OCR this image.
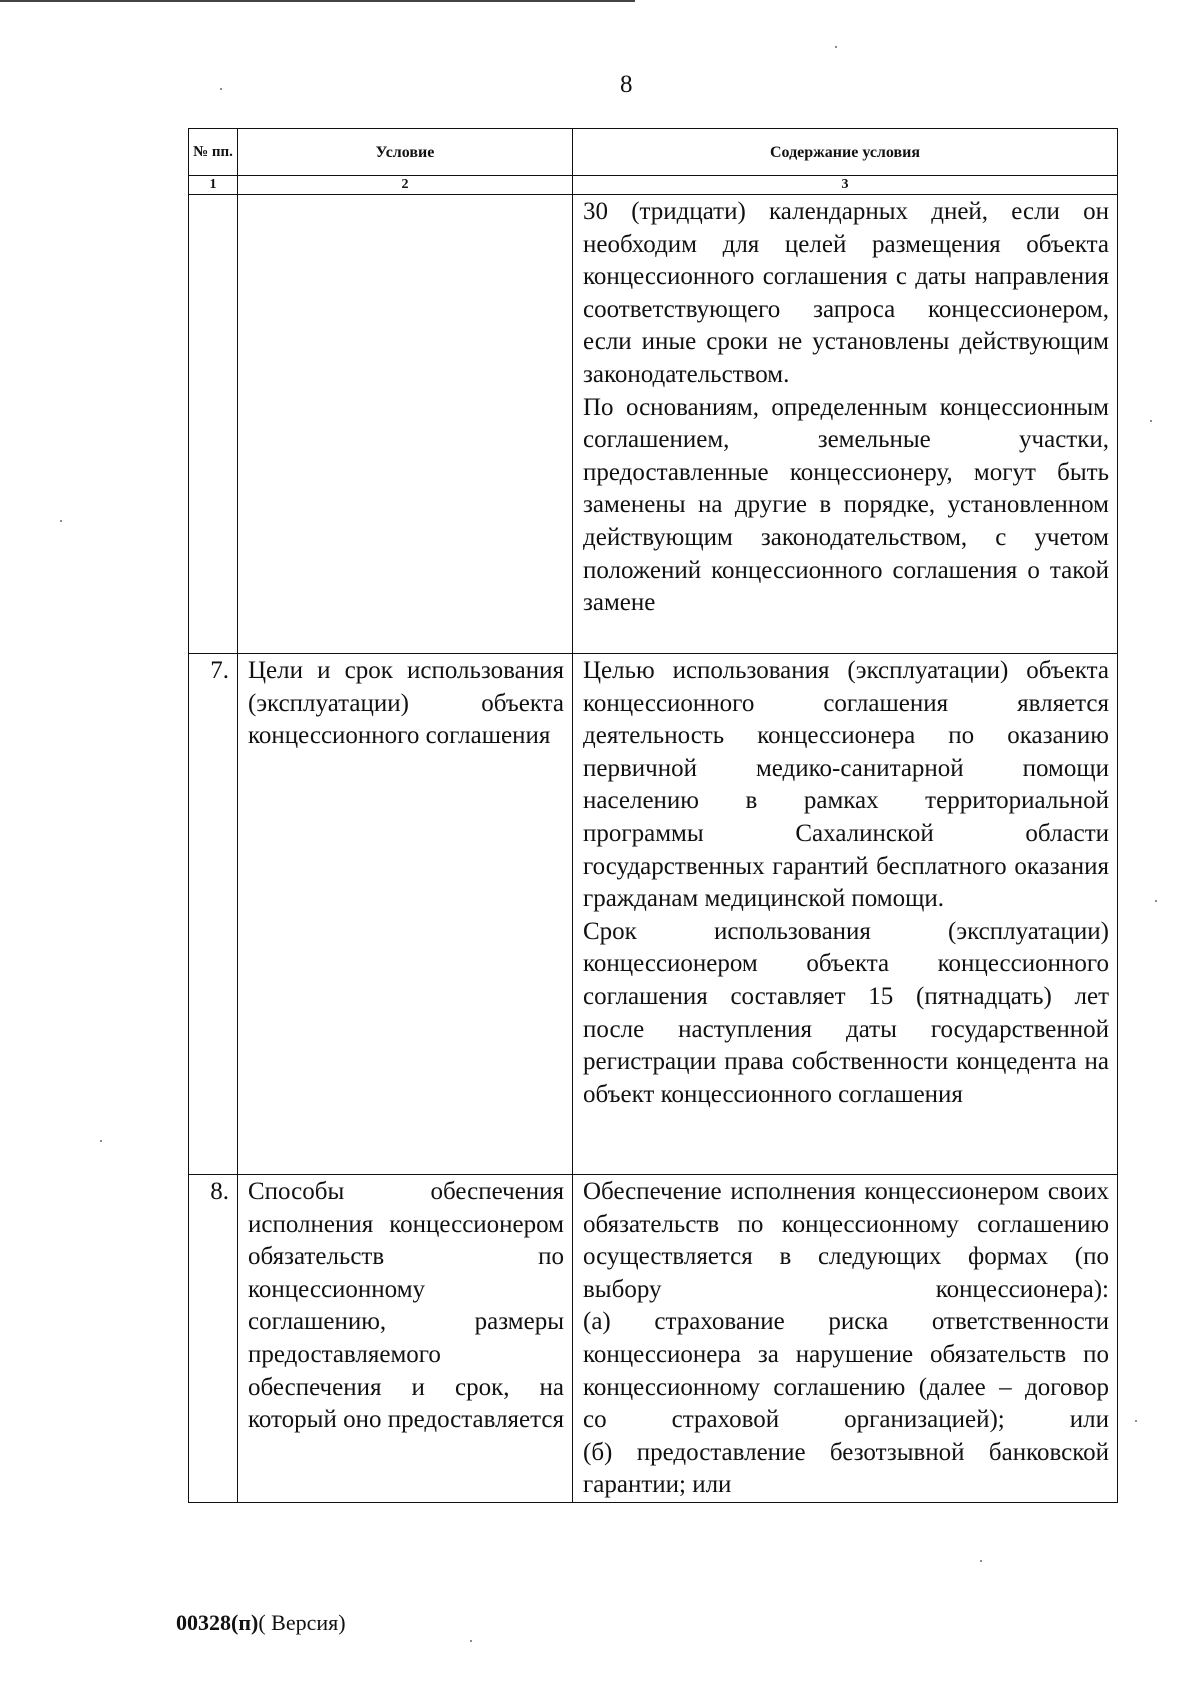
8
№ пп.	Условие	Содержание условия
1	2	3

		30 (тридцати) календарных дней, если он необходим для целей размещения объекта концессионного соглашения с даты направления соответствующего запроса концессионером, если иные сроки не установлены действующим законодательством.
По основаниям, определенным концессионным соглашением, земельные участки, предоставленные концессионеру, могут быть заменены на другие в порядке, установленном действующим законодательством, с учетом положений концессионного соглашения о такой замене

7.	Цели и срок использования (эксплуатации) объекта концессионного соглашения	Целью использования (эксплуатации) объекта концессионного соглашения является деятельность концессионера по оказанию первичной медико-санитарной помощи населению в рамках территориальной программы Сахалинской области государственных гарантий бесплатного оказания гражданам медицинской помощи.
Срок использования (эксплуатации) концессионером объекта концессионного соглашения составляет 15 (пятнадцать) лет после наступления даты государственной регистрации права собственности концедента на объект концессионного соглашения

8.	Способы обеспечения исполнения концессионером обязательств по концессионному соглашению, размеры предоставляемого обеспечения и срок, на который оно предоставляется	Обеспечение исполнения концессионером своих обязательств по концессионному соглашению осуществляется в следующих формах (по выбору концессионера):
(а) страхование риска ответственности концессионера за нарушение обязательств по концессионному соглашению (далее – договор со страховой организацией); или
(б) предоставление безотзывной банковской гарантии; или
00328(п)( Версия)
